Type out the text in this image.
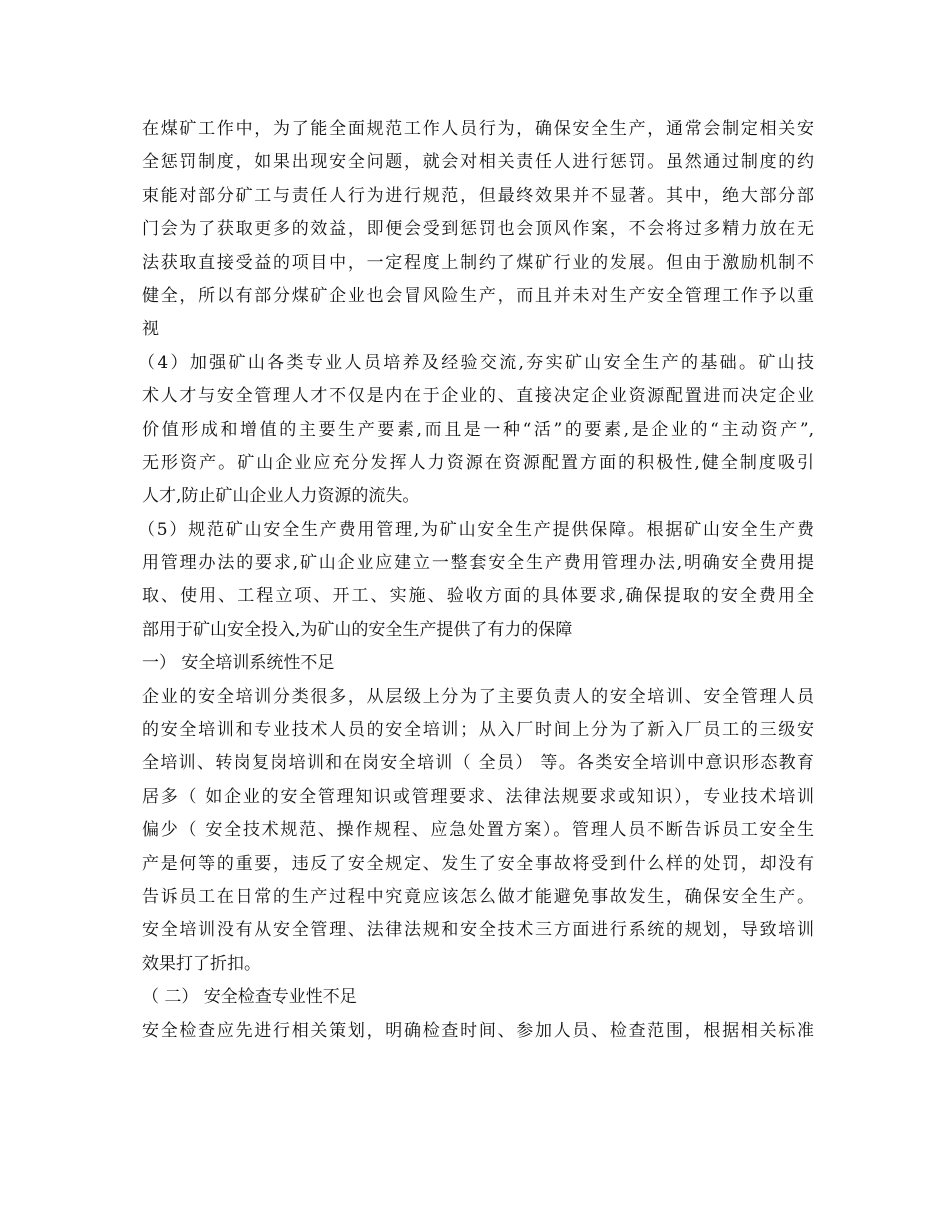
在煤矿工作中，为了能全面规范工作人员行为，确保安全生产，通常会制定相关安
全惩罚制度，如果出现安全问题，就会对相关责任人进行惩罚。虽然通过制度的约
束能对部分矿工与责任人行为进行规范，但最终效果并不显著。其中，绝大部分部
门会为了获取更多的效益，即便会受到惩罚也会顶风作案，不会将过多精力放在无
法获取直接受益的项目中，一定程度上制约了煤矿行业的发展。但由于激励机制不
健全，所以有部分煤矿企业也会冒风险生产，而且并未对生产安全管理工作予以重
视
（4）加强矿山各类专业人员培养及经验交流,夯实矿山安全生产的基础。矿山技
术人才与安全管理人才不仅是内在于企业的、直接决定企业资源配置进而决定企业
价值形成和增值的主要生产要素,而且是一种“活”的要素,是企业的“主动资产”,
无形资产。矿山企业应充分发挥人力资源在资源配置方面的积极性,健全制度吸引
人才,防止矿山企业人力资源的流失。
（5）规范矿山安全生产费用管理,为矿山安全生产提供保障。根据矿山安全生产费
用管理办法的要求,矿山企业应建立一整套安全生产费用管理办法,明确安全费用提
取、使用、工程立项、开工、实施、验收方面的具体要求,确保提取的安全费用全
部用于矿山安全投入,为矿山的安全生产提供了有力的保障
一） 安全培训系统性不足
企业的安全培训分类很多，从层级上分为了主要负责人的安全培训、安全管理人员
的安全培训和专业技术人员的安全培训；从入厂时间上分为了新入厂员工的三级安
全培训、转岗复岗培训和在岗安全培训（ 全员） 等。各类安全培训中意识形态教育
居多（ 如企业的安全管理知识或管理要求、法律法规要求或知识），专业技术培训
偏少（ 安全技术规范、操作规程、应急处置方案）。管理人员不断告诉员工安全生
产是何等的重要，违反了安全规定、发生了安全事故将受到什么样的处罚，却没有
告诉员工在日常的生产过程中究竟应该怎么做才能避免事故发生，确保安全生产。
安全培训没有从安全管理、法律法规和安全技术三方面进行系统的规划，导致培训
效果打了折扣。
（ 二） 安全检查专业性不足
安全检查应先进行相关策划，明确检查时间、参加人员、检查范围，根据相关标准
